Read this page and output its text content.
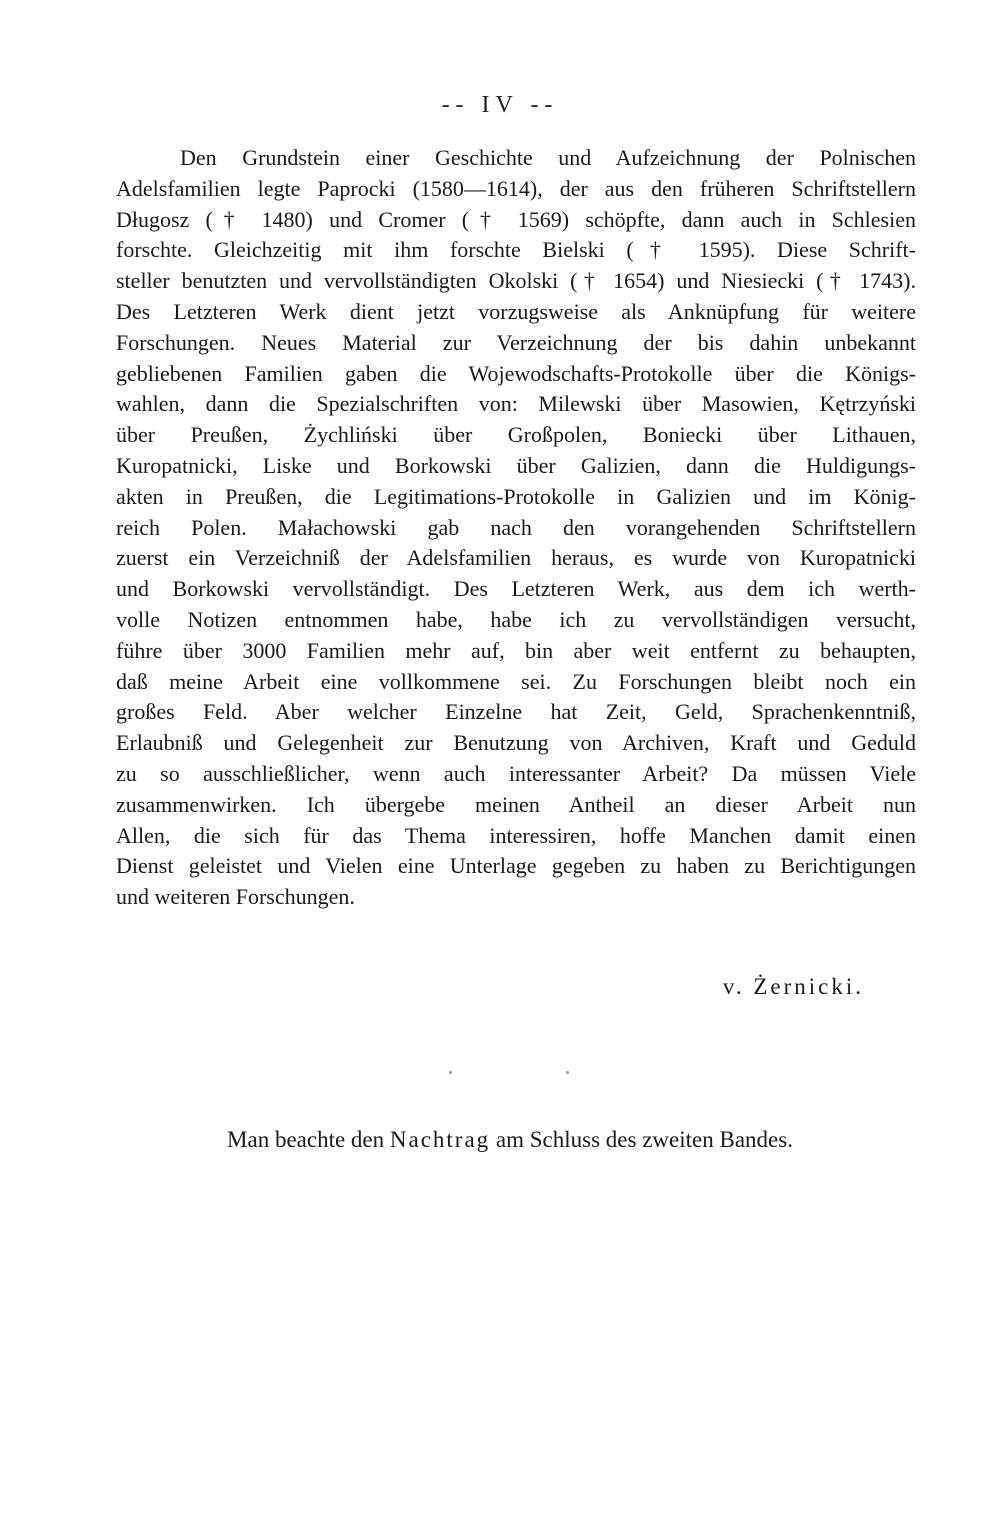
-- IV --
Den Grundstein einer Geschichte und Aufzeichnung der Polnischen
Adelsfamilien legte Paprocki (1580—1614), der aus den früheren Schriftstellern
Długosz († 1480) und Cromer († 1569) schöpfte, dann auch in Schlesien
forschte. Gleichzeitig mit ihm forschte Bielski († 1595). Diese Schrift-
steller benutzten und vervollständigten Okolski († 1654) und Niesiecki († 1743).
Des Letzteren Werk dient jetzt vorzugsweise als Anknüpfung für weitere
Forschungen. Neues Material zur Verzeichnung der bis dahin unbekannt
gebliebenen Familien gaben die Wojewodschafts-Protokolle über die Königs-
wahlen, dann die Spezialschriften von: Milewski über Masowien, Kętrzyński
über Preußen, Żychliński über Großpolen, Boniecki über Lithauen,
Kuropatnicki, Liske und Borkowski über Galizien, dann die Huldigungs-
akten in Preußen, die Legitimations-Protokolle in Galizien und im König-
reich Polen. Małachowski gab nach den vorangehenden Schriftstellern
zuerst ein Verzeichniß der Adelsfamilien heraus, es wurde von Kuropatnicki
und Borkowski vervollständigt. Des Letzteren Werk, aus dem ich werth-
volle Notizen entnommen habe, habe ich zu vervollständigen versucht,
führe über 3000 Familien mehr auf, bin aber weit entfernt zu behaupten,
daß meine Arbeit eine vollkommene sei. Zu Forschungen bleibt noch ein
großes Feld. Aber welcher Einzelne hat Zeit, Geld, Sprachenkenntniß,
Erlaubniß und Gelegenheit zur Benutzung von Archiven, Kraft und Geduld
zu so ausschließlicher, wenn auch interessanter Arbeit? Da müssen Viele
zusammenwirken. Ich übergebe meinen Antheil an dieser Arbeit nun
Allen, die sich für das Thema interessiren, hoffe Manchen damit einen
Dienst geleistet und Vielen eine Unterlage gegeben zu haben zu Berichtigungen
und weiteren Forschungen.
v. Żernicki.
Man beachte den Nachtrag am Schluss des zweiten Bandes.
